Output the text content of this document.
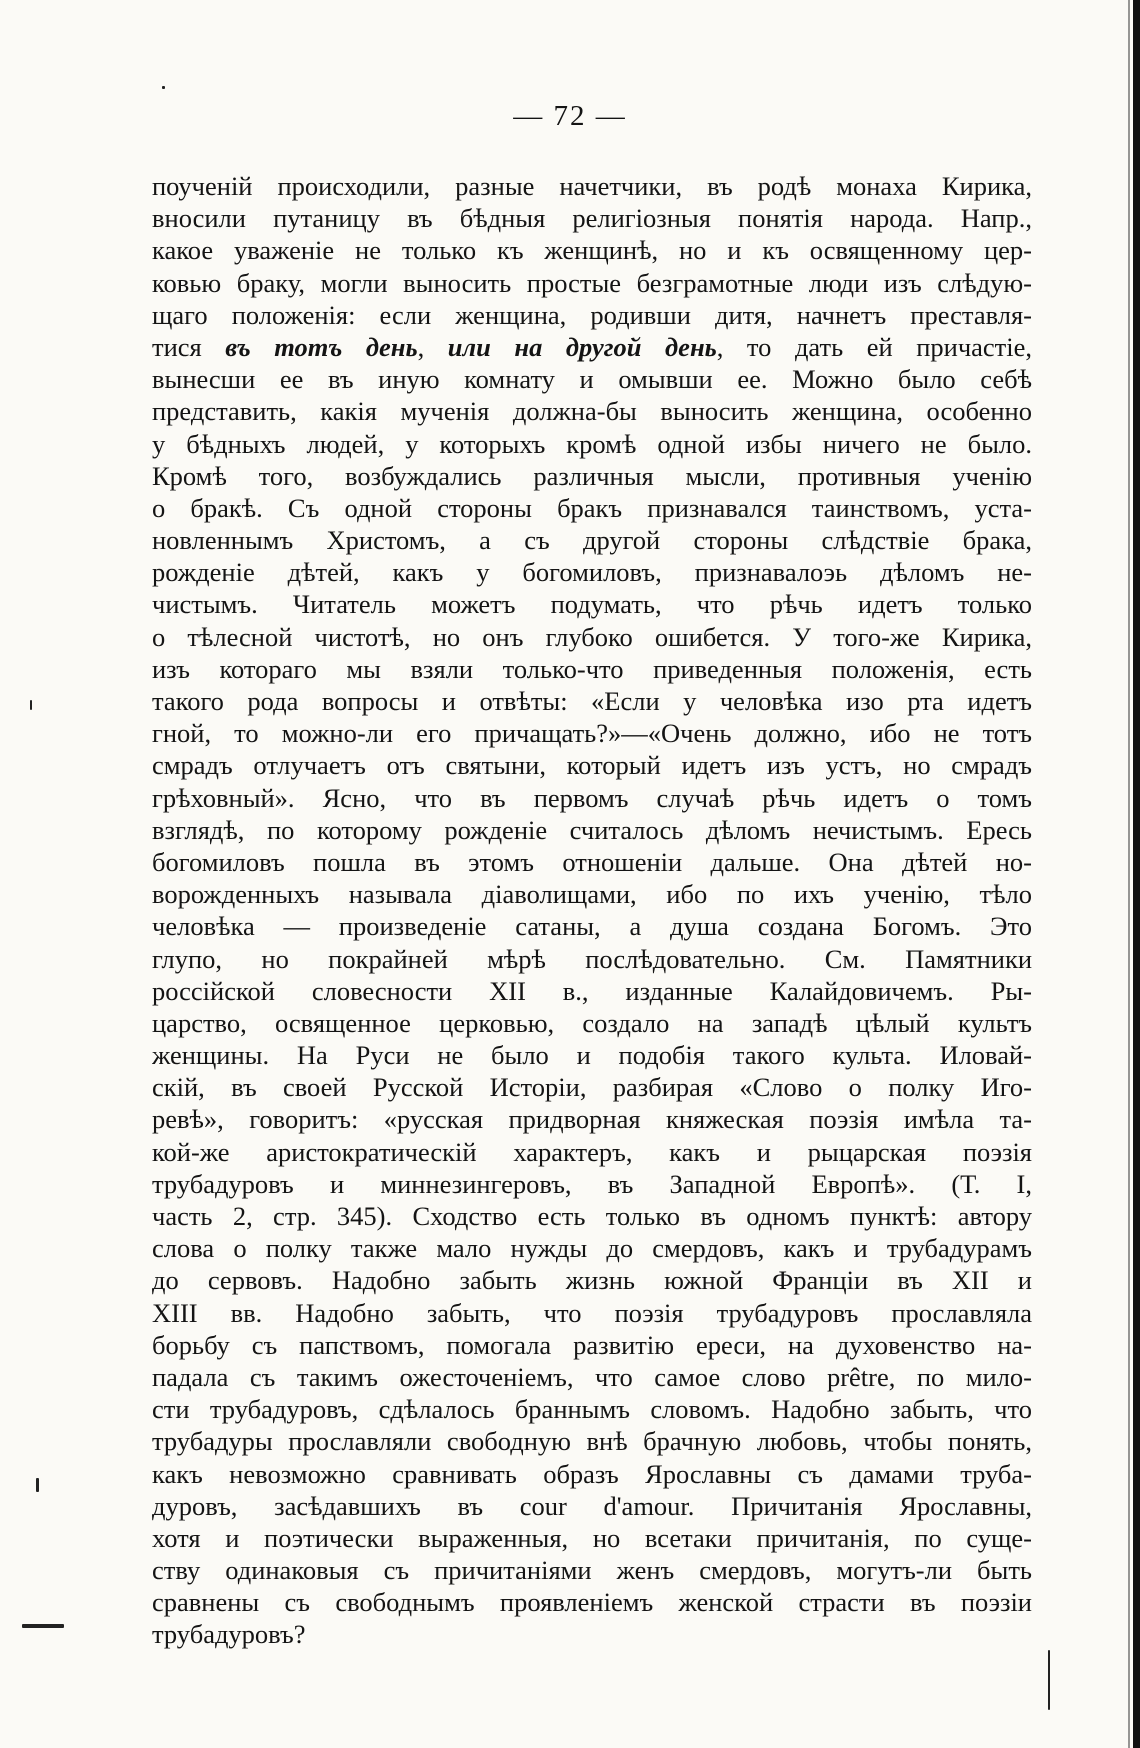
— 72 —
поученій происходили, разные начетчики, въ родѣ монаха Кирика,
вносили путаницу въ бѣдныя религіозныя понятія народа. Напр.,
какое уваженіе не только къ женщинѣ, но и къ освященному цер-
ковью браку, могли выносить простые безграмотные люди изъ слѣдую-
щаго положенія: если женщина, родивши дитя, начнетъ преставля-
тися въ тотъ день, или на другой день, то дать ей причастіе,
вынесши ее въ иную комнату и омывши ее. Можно было себѣ
представить, какія мученія должна-бы выносить женщина, особенно
у бѣдныхъ людей, у которыхъ кромѣ одной избы ничего не было.
Кромѣ того, возбуждались различныя мысли, противныя ученію
о бракѣ. Съ одной стороны бракъ признавался таинствомъ, уста-
новленнымъ Христомъ, а съ другой стороны слѣдствіе брака,
рожденіе дѣтей, какъ у богомиловъ, признавалоэь дѣломъ не-
чистымъ. Читатель можетъ подумать, что рѣчь идетъ только
о тѣлесной чистотѣ, но онъ глубоко ошибется. У того-же Кирика,
изъ котораго мы взяли только-что приведенныя положенія, есть
такого рода вопросы и отвѣты: «Если у человѣка изо рта идетъ
гной, то можно-ли его причащать?»—«Очень должно, ибо не тотъ
смрадъ отлучаетъ отъ святыни, который идетъ изъ устъ, но смрадъ
грѣховный». Ясно, что въ первомъ случаѣ рѣчь идетъ о томъ
взглядѣ, по которому рожденіе считалось дѣломъ нечистымъ. Ересь
богомиловъ пошла въ этомъ отношеніи дальше. Она дѣтей но-
ворожденныхъ называла діаволищами, ибо по ихъ ученію, тѣло
человѣка — произведеніе сатаны, а душа создана Богомъ. Это
глупо, но покрайней мѣрѣ послѣдовательно. См. Памятники
россійской словесности XII в., изданные Калайдовичемъ. Ры-
царство, освященное церковью, создало на западѣ цѣлый культъ
женщины. На Руси не было и подобія такого культа. Иловай-
скій, въ своей Русской Исторіи, разбирая «Слово о полку Иго-
ревѣ», говоритъ: «русская придворная княжеская поэзія имѣла та-
кой-же аристократическій характеръ, какъ и рыцарская поэзія
трубадуровъ и миннезингеровъ, въ Западной Европѣ». (Т. I,
часть 2, стр. 345). Сходство есть только въ одномъ пунктѣ: автору
слова о полку также мало нужды до смердовъ, какъ и трубадурамъ
до сервовъ. Надобно забыть жизнь южной Франціи въ XII и
XIII вв. Надобно забыть, что поэзія трубадуровъ прославляла
борьбу съ папствомъ, помогала развитію ереси, на духовенство на-
падала съ такимъ ожесточеніемъ, что самое слово prêtre, по мило-
сти трубадуровъ, сдѣлалось браннымъ словомъ. Надобно забыть, что
трубадуры прославляли свободную внѣ брачную любовь, чтобы понять,
какъ невозможно сравнивать образъ Ярославны съ дамами труба-
дуровъ, засѣдавшихъ въ cour d'amour. Причитанія Ярославны,
хотя и поэтически выраженныя, но всетаки причитанія, по суще-
ству одинаковыя съ причитаніями женъ смердовъ, могутъ-ли быть
сравнены съ свободнымъ проявленіемъ женской страсти въ поэзіи
трубадуровъ?
